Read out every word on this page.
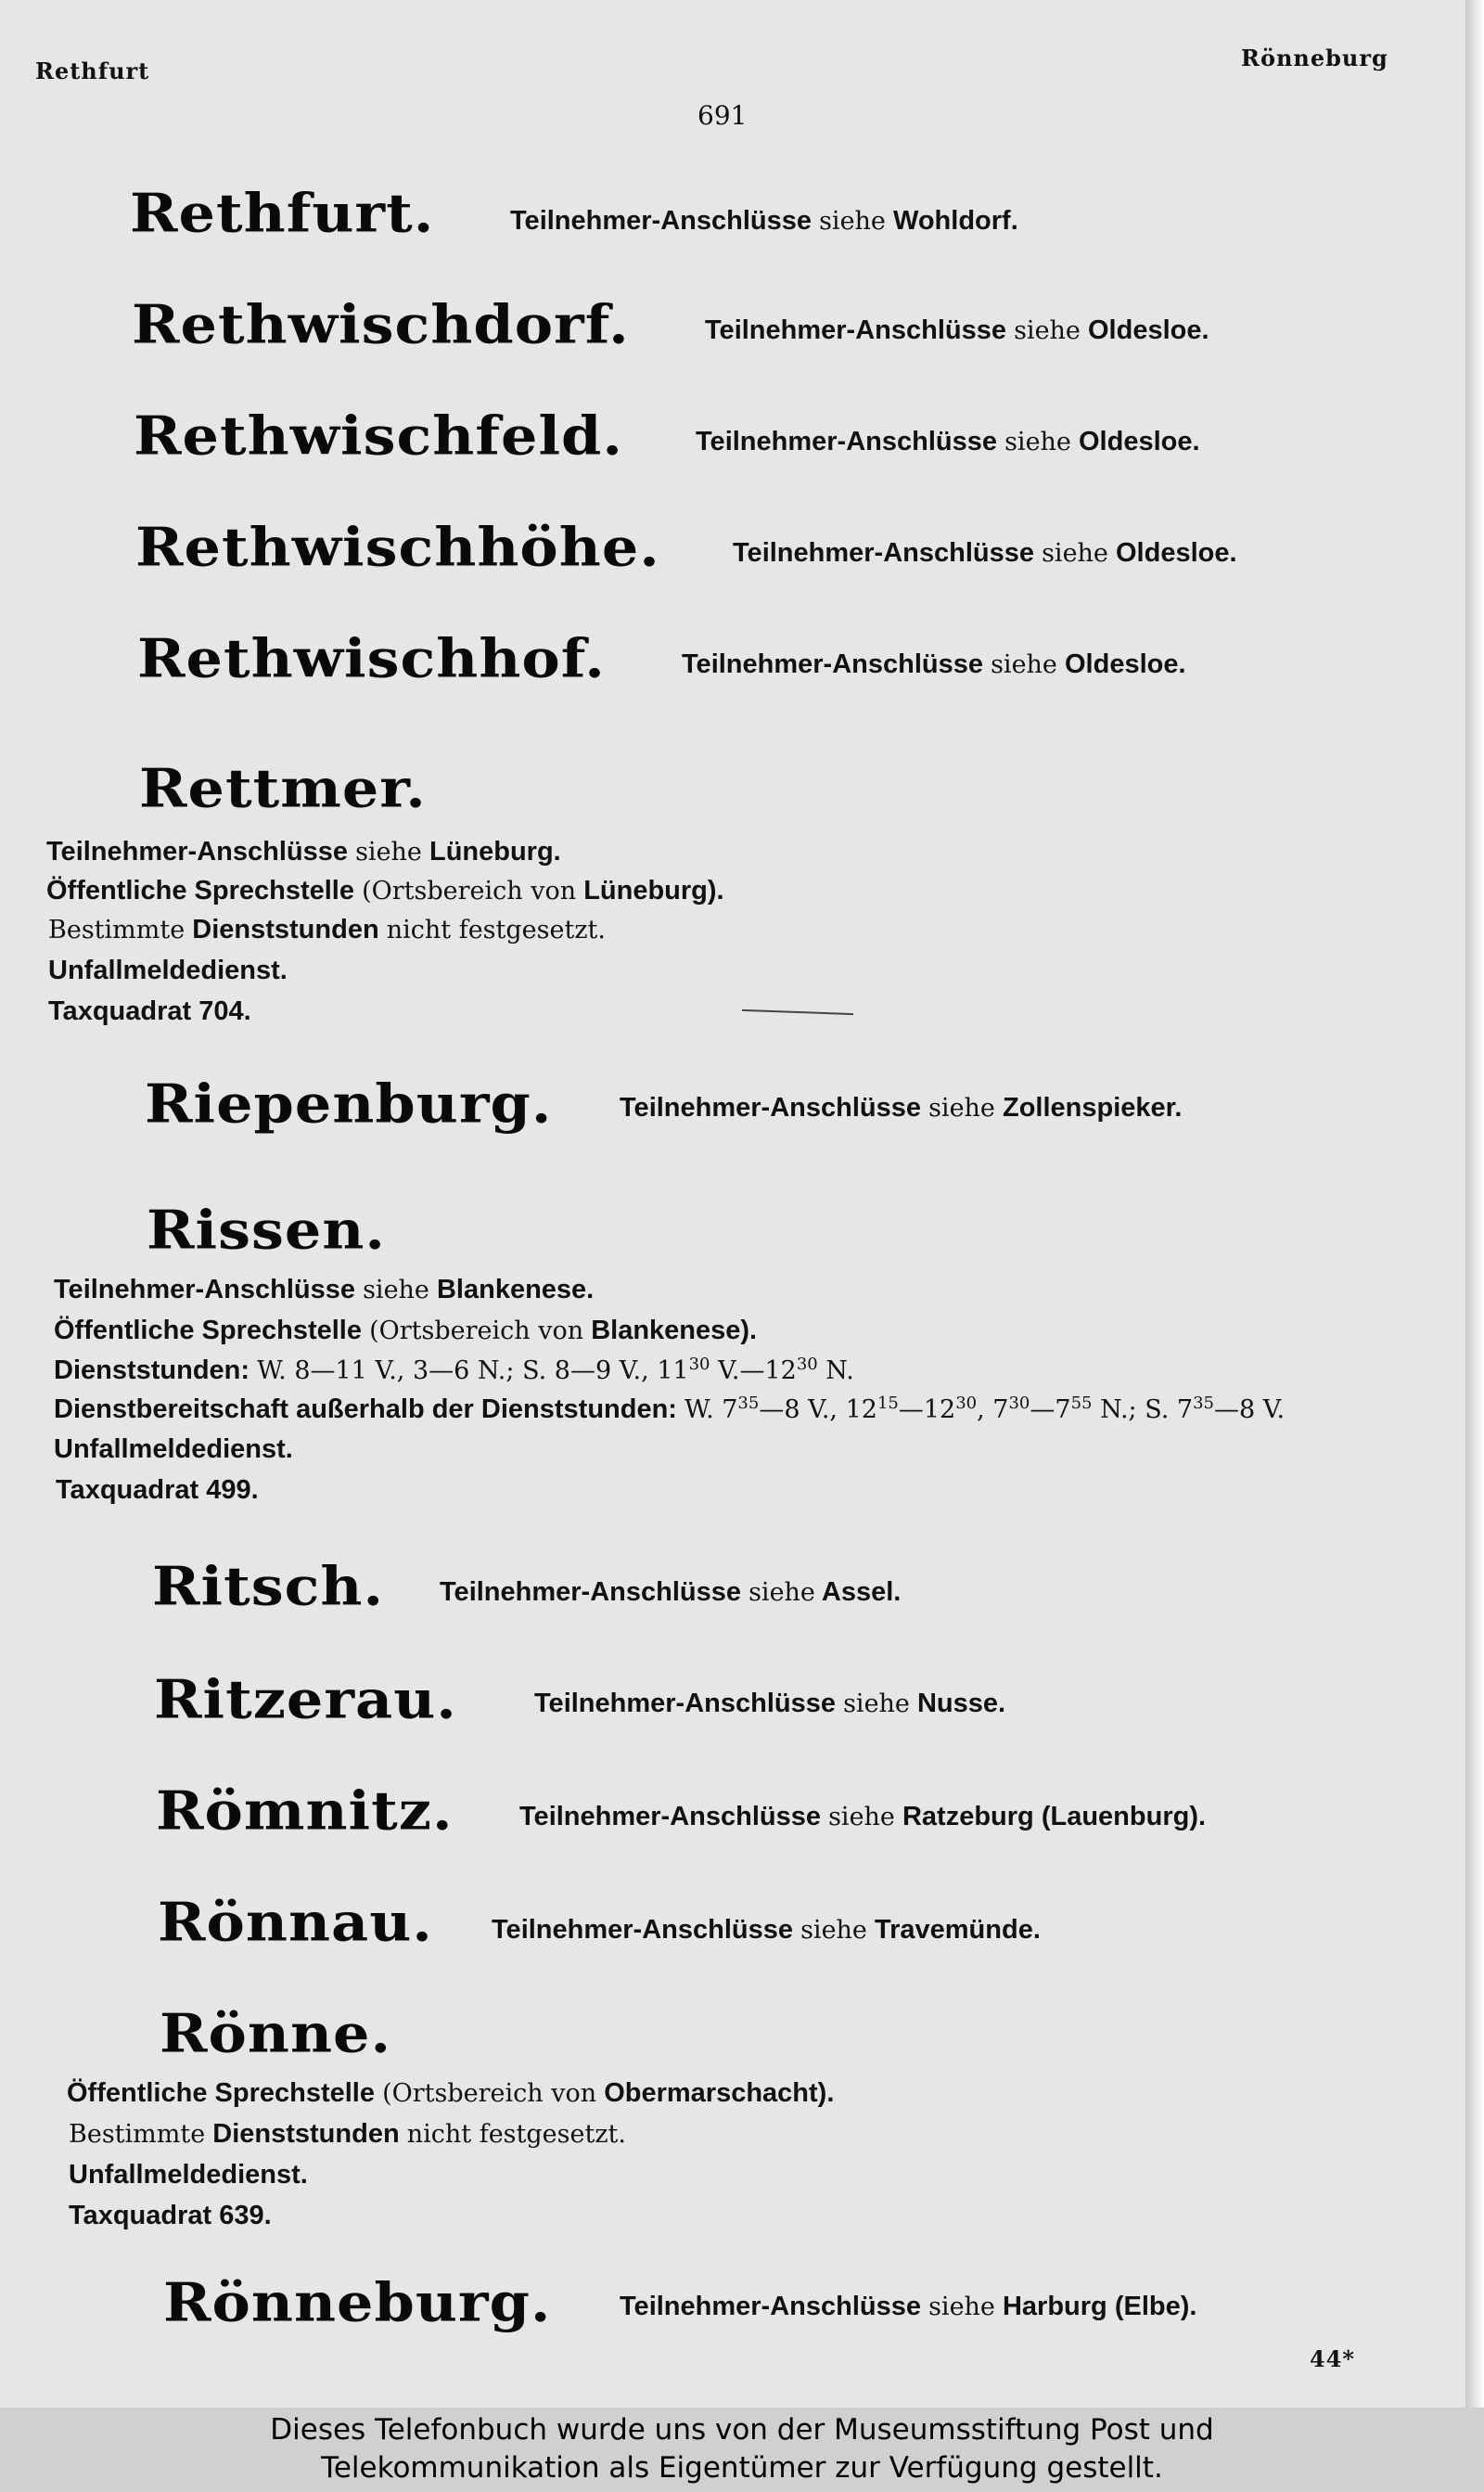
Rethfurt	Rönneburg
691
Rethfurt.	Teilnehmer-Anschlüsse siehe Wohldorf.
Rethwischdorf.	Teilnehmer-Anschlüsse siehe Oldesloe.
Rethwischfeld.	Teilnehmer-Anschlüsse siehe Oldesloe.
Rethwischhöhe.	Teilnehmer-Anschlüsse siehe Oldesloe.
Rethwischhof.	Teilnehmer-Anschlüsse siehe Oldesloe.
Rettmer.
Teilnehmer-Anschlüsse siehe Lüneburg.
Öffentliche Sprechstelle (Ortsbereich von Lüneburg).
Bestimmte Dienststunden nicht festgesetzt.
Unfallmeldedienst.
Taxquadrat 704.
Riepenburg.	Teilnehmer-Anschlüsse siehe Zollenspieker.
Rissen.
Teilnehmer-Anschlüsse siehe Blankenese.
Öffentliche Sprechstelle (Ortsbereich von Blankenese).
Dienststunden: W. 8—11 V., 3—6 N.; S. 8—9 V., $11^{30}$ $V.—12^{30}$ N.
Dienstbereitschaft außerhalb der Dienststunden: W. $7^{35}—8$ V., $12^{15}—12^{30}$, $7^{30}—7^{55}$ N.; S. $7^{35}—8$ V.
Unfallmeldedienst.
Taxquadrat 499.
Ritsch. Teilnehmer-Anschlüsse siehe Assel.
Ritzerau.	Teilnehmer-Anschlüsse siehe Nusse.
Römnitz. Teilnehmer-Anschlüsse siehe Ratzeburg (Lauenburg).
Rönnau. Teilnehmer-Anschlüsse siehe Travemünde.
Rönne.
Öffentliche Sprechstelle (Ortsbereich von Obermarschacht).
Bestimmte Dienststunden nicht festgesetzt.
Unfallmeldedienst.
Taxquadrat 639.
Rönneburg.	Teilnehmer-Anschlüsse siehe Harburg (Elbe).
44*
Dieses Telefonbuch wurde uns von der Museumsstiftung Post und
Telekommunikation als Eigentümer zur Verfügung gestellt.
